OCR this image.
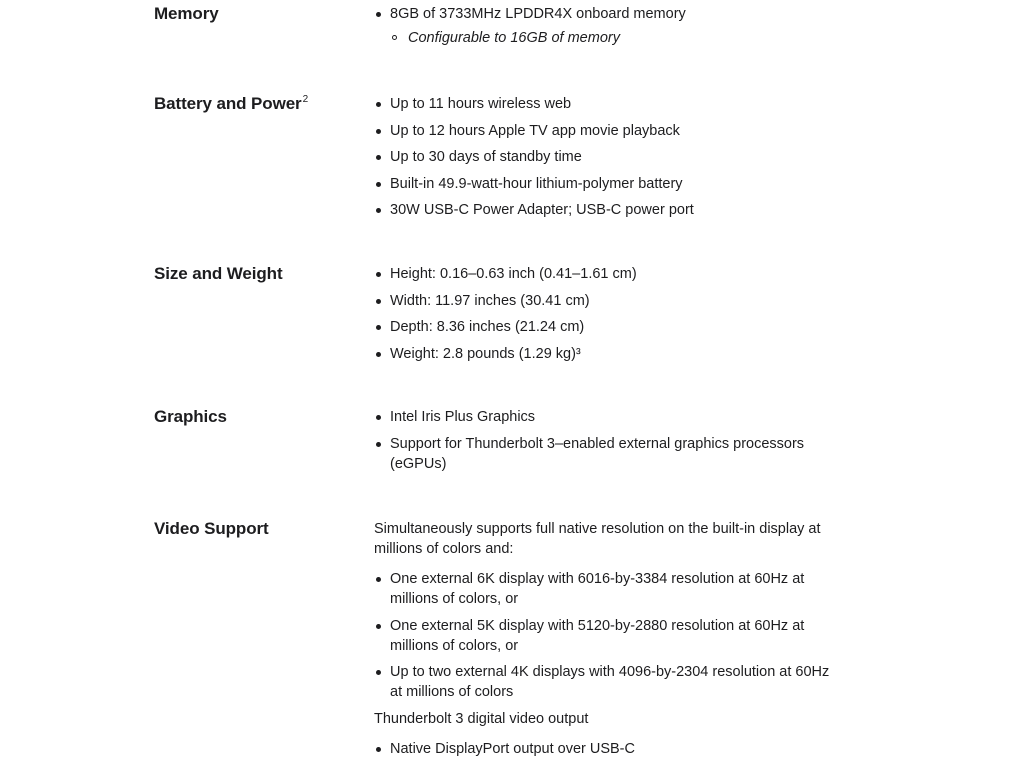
Memory	8GB of 3733MHz LPDDR4X onboard memory
Configurable to 16GB of memory
Battery and Power$^2$	Up to 11 hours wireless web
Up to 12 hours Apple TV app movie playback
Up to 30 days of standby time
Built-in 49.9-watt-hour lithium-polymer battery
30W USB-C Power Adapter; USB-C power port
Size and Weight	Height: 0.16–0.63 inch (0.41–1.61 cm)
Width: 11.97 inches (30.41 cm)
Depth: 8.36 inches (21.24 cm)
Weight: 2.8 pounds (1.29 kg)³
Graphics	Intel Iris Plus Graphics
Support for Thunderbolt 3–enabled external graphics processors (eGPUs)
Video Support	Simultaneously supports full native resolution on the built-in display at millions of colors and:

One external 6K display with 6016-by-3384 resolution at 60Hz at millions of colors, or
One external 5K display with 5120-by-2880 resolution at 60Hz at millions of colors, or
Up to two external 4K displays with 4096-by-2304 resolution at 60Hz at millions of colors

Thunderbolt 3 digital video output

Native DisplayPort output over USB-C
